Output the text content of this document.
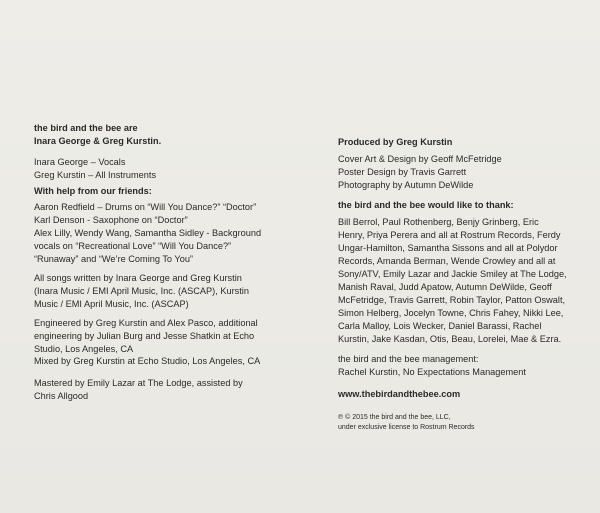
the bird and the bee are
Inara George & Greg Kurstin.
Inara George – Vocals
Greg Kurstin – All Instruments
With help from our friends:
Aaron Redfield – Drums on “Will You Dance?” “Doctor”
Karl Denson - Saxophone on “Doctor”
Alex Lilly, Wendy Wang, Samantha Sidley - Background
vocals on “Recreational Love” “Will You Dance?”
“Runaway” and “We’re Coming To You”
All songs written by Inara George and Greg Kurstin
(Inara Music / EMI April Music, Inc. (ASCAP), Kurstin
Music / EMI April Music, Inc. (ASCAP)
Engineered by Greg Kurstin and Alex Pasco, additional
engineering by Julian Burg and Jesse Shatkin at Echo
Studio, Los Angeles, CA
Mixed by Greg Kurstin at Echo Studio, Los Angeles, CA
Mastered by Emily Lazar at The Lodge, assisted by
Chris Allgood
Produced by Greg Kurstin
Cover Art & Design by Geoff McFetridge
Poster Design by Travis Garrett
Photography by Autumn DeWilde
the bird and the bee would like to thank:
Bill Berrol, Paul Rothenberg, Benjy Grinberg, Eric
Henry, Priya Perera and all at Rostrum Records, Ferdy
Ungar-Hamilton, Samantha Sissons and all at Polydor
Records, Amanda Berman, Wende Crowley and all at
Sony/ATV, Emily Lazar and Jackie Smiley at The Lodge,
Manish Raval, Judd Apatow, Autumn DeWilde, Geoff
McFetridge, Travis Garrett, Robin Taylor, Patton Oswalt,
Simon Helberg, Jocelyn Towne, Chris Fahey, Nikki Lee,
Carla Malloy, Lois Wecker, Daniel Barassi, Rachel
Kurstin, Jake Kasdan, Otis, Beau, Lorelei, Mae & Ezra.
the bird and the bee management:
Rachel Kurstin, No Expectations Management
www.thebirdandthebee.com
℗ © 2015 the bird and the bee, LLC,
under exclusive license to Rostrum Records
